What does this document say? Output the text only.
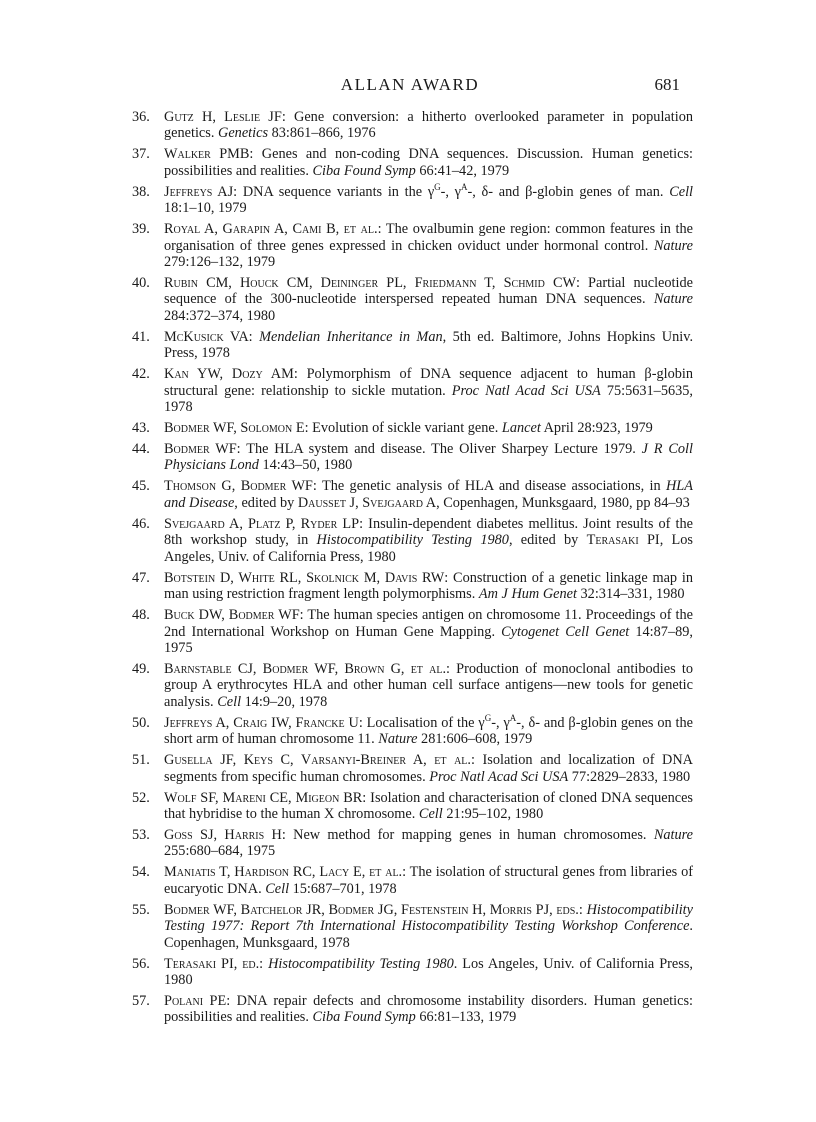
ALLAN AWARD	681
36. Gutz H, Leslie JF: Gene conversion: a hitherto overlooked parameter in population genetics. Genetics 83:861–866, 1976
37. Walker PMB: Genes and non-coding DNA sequences. Discussion. Human genetics: possibilities and realities. Ciba Found Symp 66:41–42, 1979
38. Jeffreys AJ: DNA sequence variants in the $\gamma^G-$, $\gamma^A-$, δ- and β-globin genes of man. Cell 18:1–10, 1979
39. Royal A, Garapin A, Cami B, et al.: The ovalbumin gene region: common features in the organisation of three genes expressed in chicken oviduct under hormonal control. Nature 279:126–132, 1979
40. Rubin CM, Houck CM, Deininger PL, Friedmann T, Schmid CW: Partial nucleotide sequence of the 300-nucleotide interspersed repeated human DNA sequences. Nature 284:372–374, 1980
41. McKusick VA: Mendelian Inheritance in Man, 5th ed. Baltimore, Johns Hopkins Univ. Press, 1978
42. Kan YW, Dozy AM: Polymorphism of DNA sequence adjacent to human β-globin structural gene: relationship to sickle mutation. Proc Natl Acad Sci USA 75:5631–5635, 1978
43. Bodmer WF, Solomon E: Evolution of sickle variant gene. Lancet April 28:923, 1979
44. Bodmer WF: The HLA system and disease. The Oliver Sharpey Lecture 1979. J R Coll Physicians Lond 14:43–50, 1980
45. Thomson G, Bodmer WF: The genetic analysis of HLA and disease associations, in HLA and Disease, edited by Dausset J, Svejgaard A, Copenhagen, Munksgaard, 1980, pp 84–93
46. Svejgaard A, Platz P, Ryder LP: Insulin-dependent diabetes mellitus. Joint results of the 8th workshop study, in Histocompatibility Testing 1980, edited by Terasaki PI, Los Angeles, Univ. of California Press, 1980
47. Botstein D, White RL, Skolnick M, Davis RW: Construction of a genetic linkage map in man using restriction fragment length polymorphisms. Am J Hum Genet 32:314–331, 1980
48. Buck DW, Bodmer WF: The human species antigen on chromosome 11. Proceedings of the 2nd International Workshop on Human Gene Mapping. Cytogenet Cell Genet 14:87–89, 1975
49. Barnstable CJ, Bodmer WF, Brown G, et al.: Production of monoclonal antibodies to group A erythrocytes HLA and other human cell surface antigens—new tools for genetic analysis. Cell 14:9–20, 1978
50. Jeffreys A, Craig IW, Francke U: Localisation of the $\gamma^G-$, $\gamma^A-$, δ- and β-globin genes on the short arm of human chromosome 11. Nature 281:606–608, 1979
51. Gusella JF, Keys C, Varsanyi-Breiner A, et al.: Isolation and localization of DNA segments from specific human chromosomes. Proc Natl Acad Sci USA 77:2829–2833, 1980
52. Wolf SF, Mareni CE, Migeon BR: Isolation and characterisation of cloned DNA sequences that hybridise to the human X chromosome. Cell 21:95–102, 1980
53. Goss SJ, Harris H: New method for mapping genes in human chromosomes. Nature 255:680–684, 1975
54. Maniatis T, Hardison RC, Lacy E, et al.: The isolation of structural genes from libraries of eucaryotic DNA. Cell 15:687–701, 1978
55. Bodmer WF, Batchelor JR, Bodmer JG, Festenstein H, Morris PJ, eds.: Histocompatibility Testing 1977: Report 7th International Histocompatibility Testing Workshop Conference. Copenhagen, Munksgaard, 1978
56. Terasaki PI, ed.: Histocompatibility Testing 1980. Los Angeles, Univ. of California Press, 1980
57. Polani PE: DNA repair defects and chromosome instability disorders. Human genetics: possibilities and realities. Ciba Found Symp 66:81–133, 1979
